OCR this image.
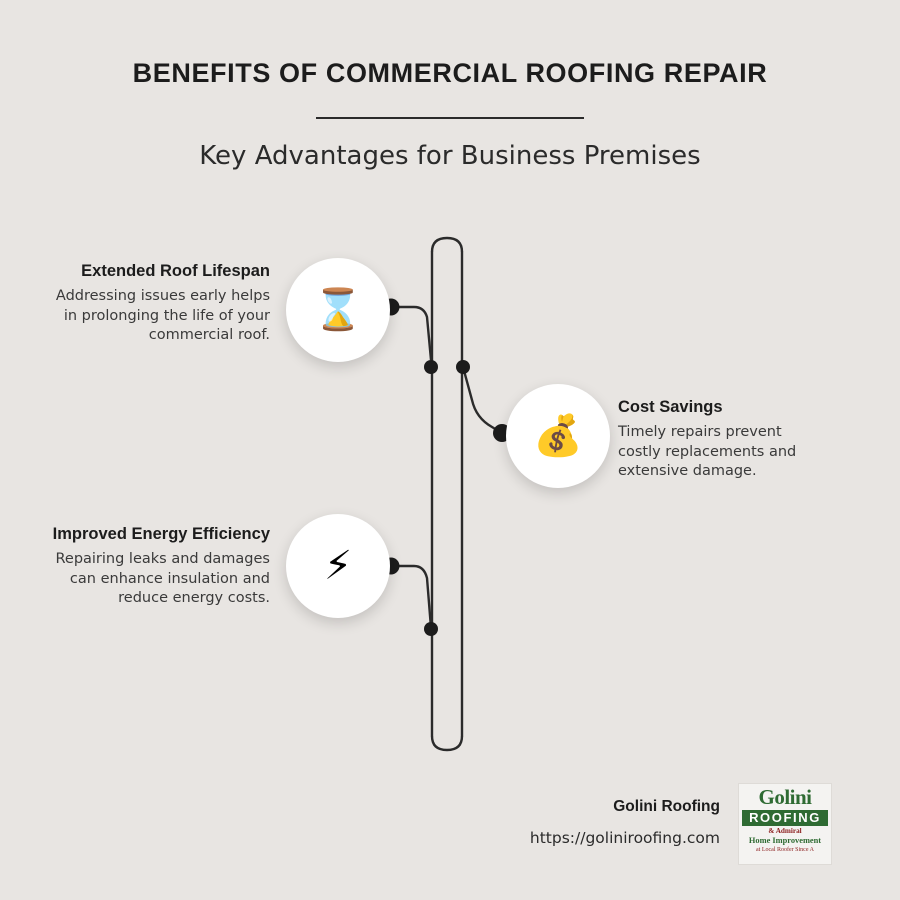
BENEFITS OF COMMERCIAL ROOFING REPAIR
Key Advantages for Business Premises
⌛
💰
⚡
Extended Roof Lifespan

Addressing issues early helps in prolonging the life of your commercial roof.

Cost Savings

Timely repairs prevent costly replacements and extensive damage.

Improved Energy Efficiency

Repairing leaks and damages can enhance insulation and reduce energy costs.

Golini Roofing
https://goliniroofing.com
Golini
ROOFING
& Admiral
Home Improvement
at Local Roofer Since A
